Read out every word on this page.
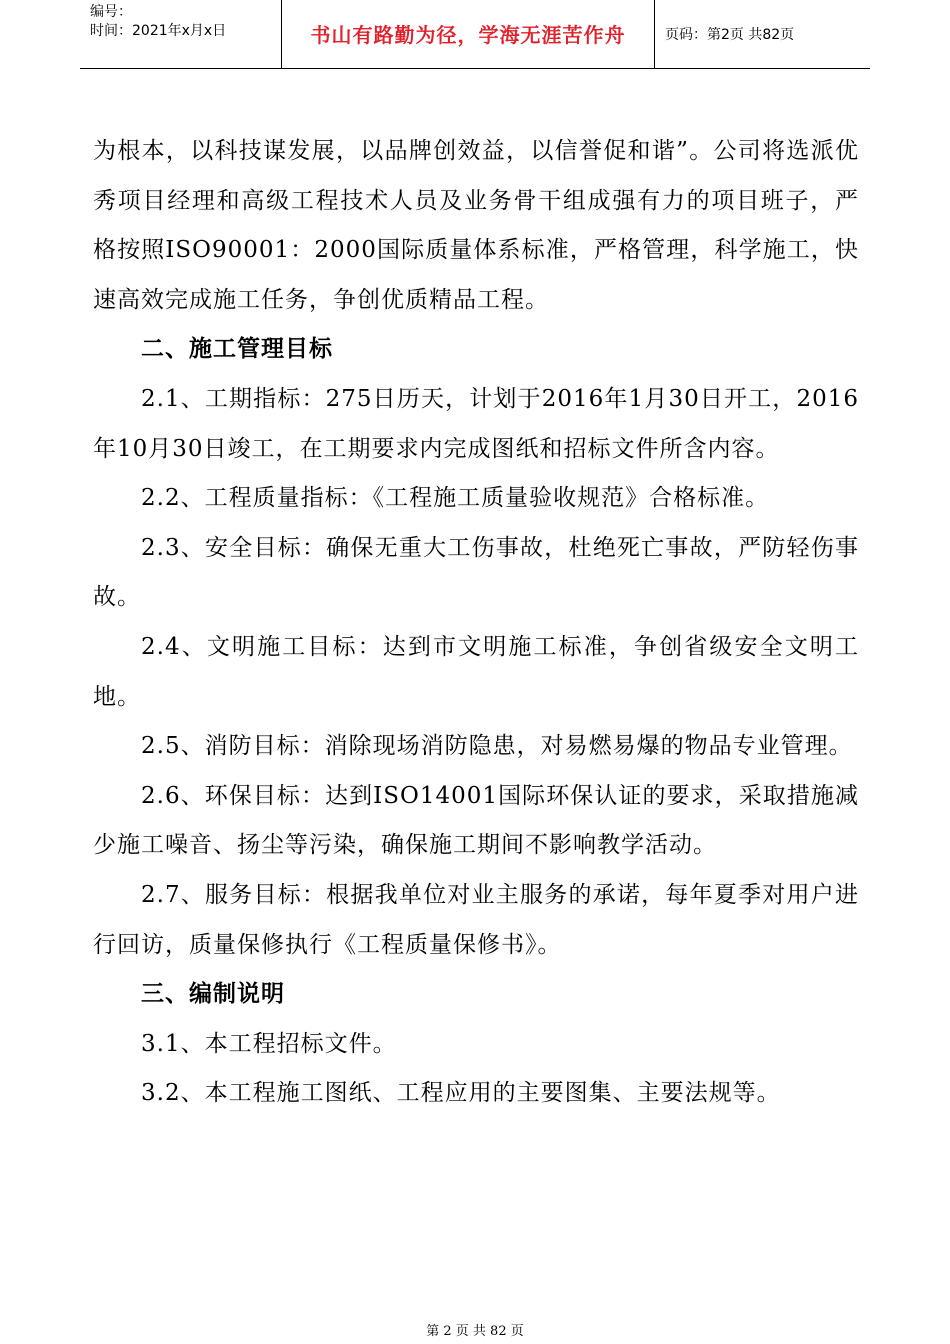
编号：
时间：2021年x月x日	书山有路勤为径，学海无涯苦作舟	页码：第2页 共82页

为根本，以科技谋发展，以品牌创效益，以信誉促和谐”。公司将选派优秀项目经理和高级工程技术人员及业务骨干组成强有力的项目班子，严格按照ISO90001：2000国际质量体系标准，严格管理，科学施工，快速高效完成施工任务，争创优质精品工程。

二、施工管理目标

2.1、工期指标：275日历天，计划于2016年1月30日开工，2016年10月30日竣工，在工期要求内完成图纸和招标文件所含内容。

2.2、工程质量指标：《工程施工质量验收规范》合格标准。

2.3、安全目标：确保无重大工伤事故，杜绝死亡事故，严防轻伤事故。

2.4、文明施工目标：达到市文明施工标准，争创省级安全文明工地。

2.5、消防目标：消除现场消防隐患，对易燃易爆的物品专业管理。

2.6、环保目标：达到ISO14001国际环保认证的要求，采取措施减少施工噪音、扬尘等污染，确保施工期间不影响教学活动。

2.7、服务目标：根据我单位对业主服务的承诺，每年夏季对用户进行回访，质量保修执行《工程质量保修书》。

三、编制说明

3.1、本工程招标文件。

3.2、本工程施工图纸、工程应用的主要图集、主要法规等。

第 2 页 共 82 页
